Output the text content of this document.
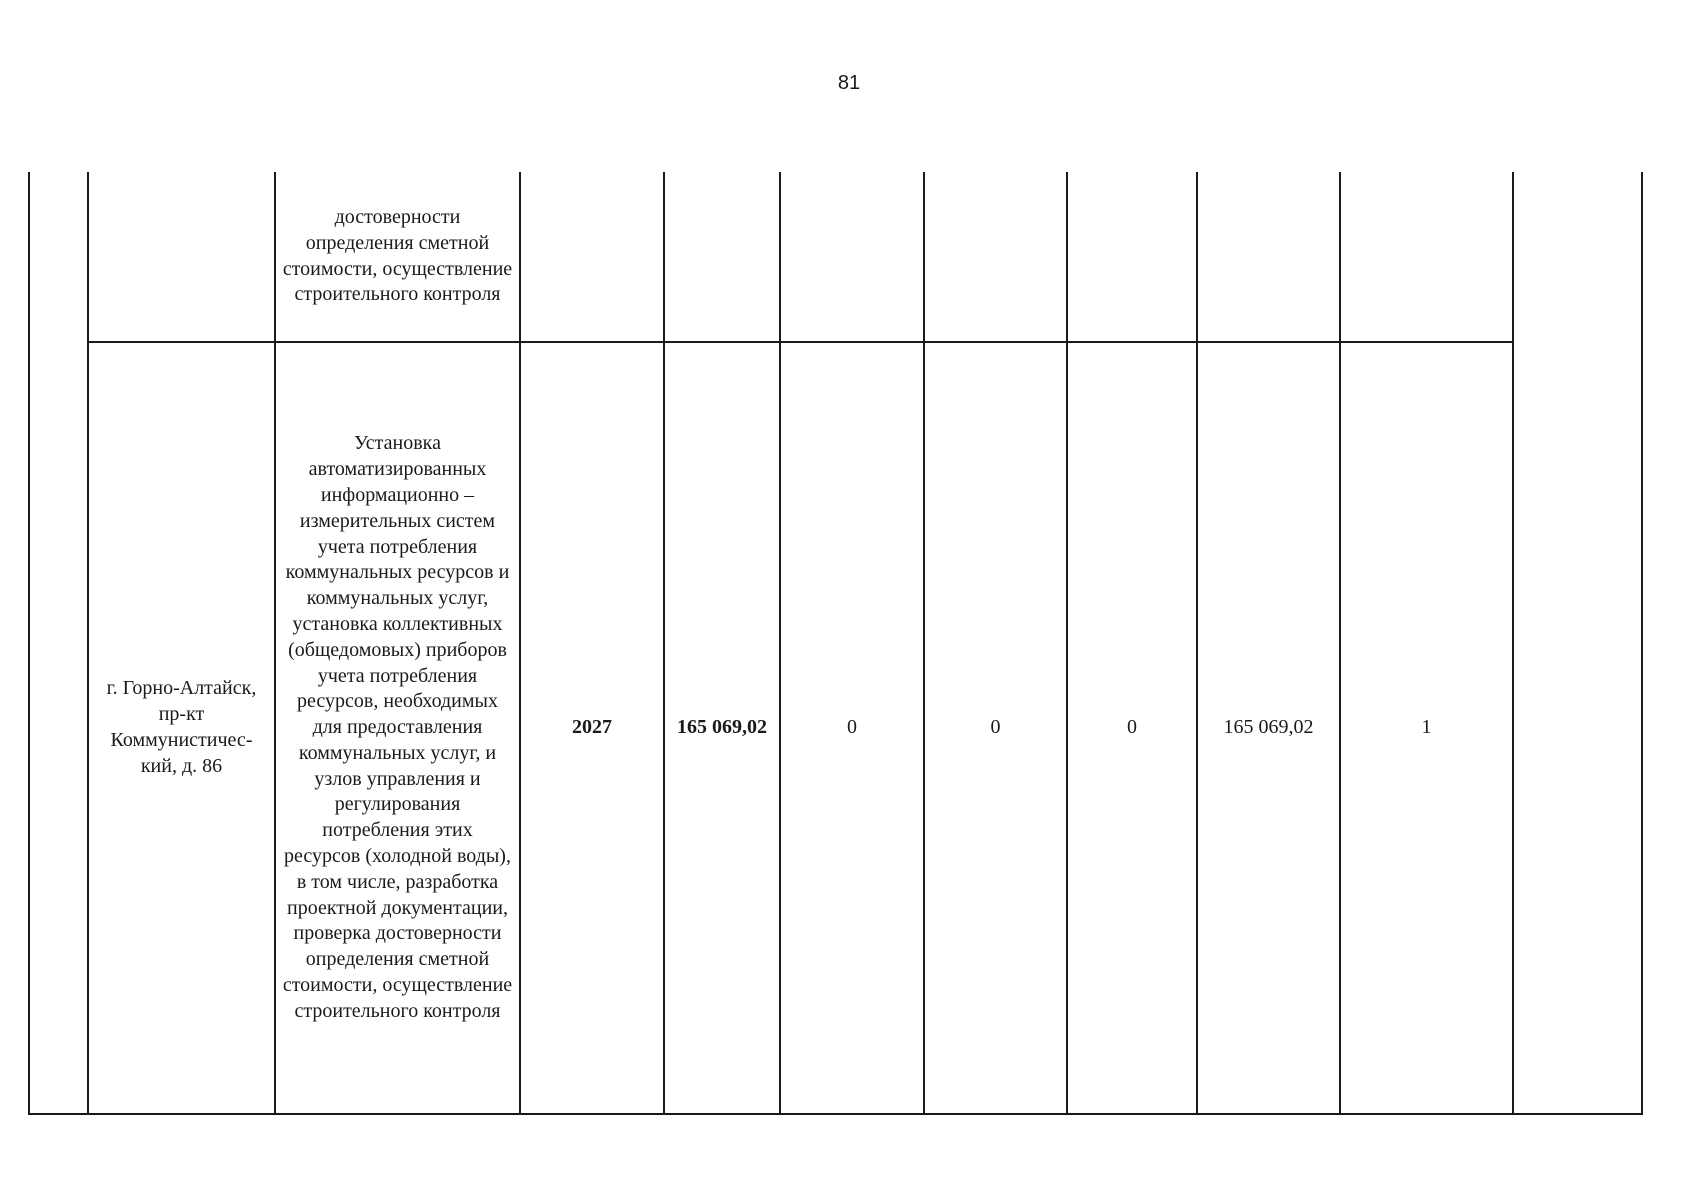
81
		достоверности определения сметной стоимости, осуществление строительного контроля								
	г. Горно-Алтайск, пр-кт Коммунистичес-кий, д. 86	Установка автоматизированных информационно – измерительных систем учета потребления коммунальных ресурсов и коммунальных услуг, установка коллективных (общедомовых) приборов учета потребления ресурсов, необходимых для предоставления коммунальных услуг, и узлов управления и регулирования потребления этих ресурсов (холодной воды), в том числе, разработка проектной документации, проверка достоверности определения сметной стоимости, осуществление строительного контроля	2027	165 069,02	0	0	0	165 069,02	1	
